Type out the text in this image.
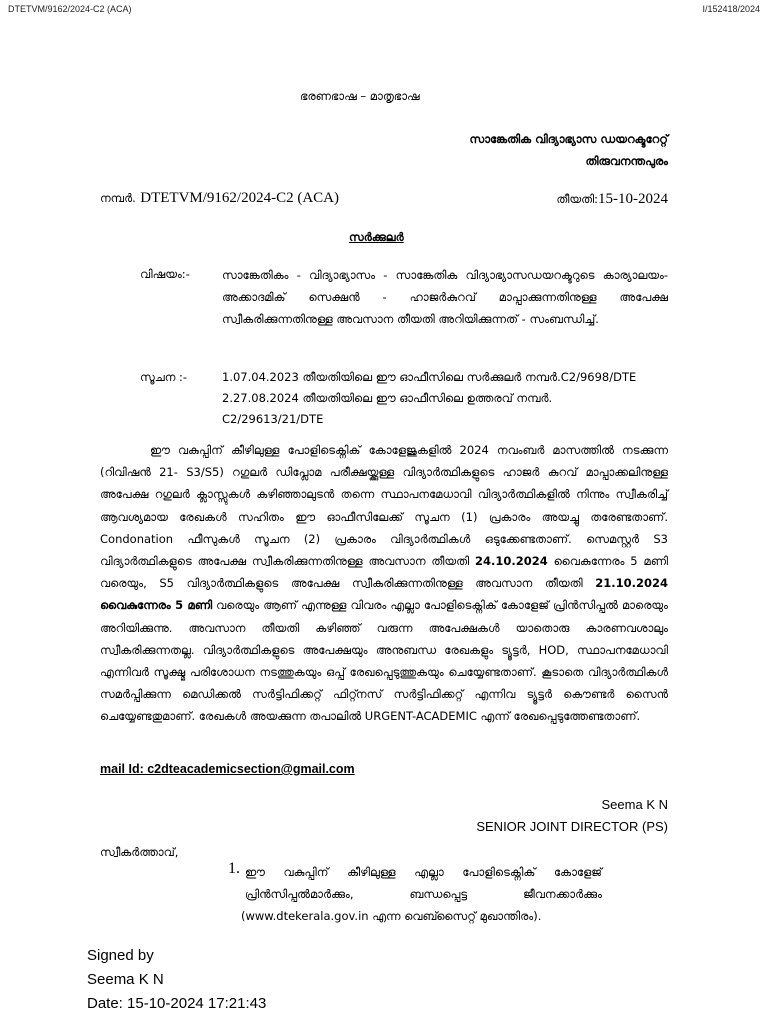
DTETVM/9162/2024-C2 (ACA)	I/152418/2024
ഭരണഭാഷ – മാതൃഭാഷ
സാങ്കേതിക വിദ്യാഭ്യാസ ഡയറക്ടറേറ്റ്
തിരുവനന്തപുരം
നമ്പർ. DTETVM/9162/2024-C2 (ACA)	തീയതി:15-10-2024
സർക്കുലർ
വിഷയം:-	സാങ്കേതികം - വിദ്യാഭ്യാസം - സാങ്കേതിക വിദ്യാഭ്യാസഡയറക്ടറുടെ കാര്യാലയം- അക്കാദമിക് സെക്ഷൻ - ഹാജർകുറവ് മാപ്പാക്കുന്നതിനുള്ള അപേക്ഷ സ്വീകരിക്കുന്നതിനുള്ള അവസാന തീയതി അറിയിക്കുന്നത് - സംബന്ധിച്ച്.
സൂചന :-	1.07.04.2023 തീയതിയിലെ ഈ ഓഫീസിലെ സർക്കുലർ നമ്പർ.C2/9698/DTE

2.27.08.2024 തീയതിയിലെ ഈ ഓഫീസിലെ ഉത്തരവ് നമ്പർ.

C2/29613/21/DTE

ഈ വകുപ്പിന് കീഴിലുള്ള പോളിടെക്നിക് കോളേജുകളിൽ 2024 നവംബർ മാസത്തിൽ നടക്കുന്ന (റിവിഷൻ 21- S3/S5) റഗുലർ ഡിപ്ലോമ പരീക്ഷയ്ക്കുള്ള വിദ്യാർത്ഥികളുടെ ഹാജർ കുറവ് മാപ്പാക്കലിനുള്ള അപേക്ഷ റഗുലർ ക്ലാസ്സുകൾ കഴിഞ്ഞാലുടൻ തന്നെ സ്ഥാപനമേധാവി വിദ്യാർത്ഥികളിൽ നിന്നും സ്വീകരിച്ച് ആവശ്യമായ രേഖകൾ സഹിതം ഈ ഓഫീസിലേക്ക് സൂചന (1) പ്രകാരം അയച്ചു തരേണ്ടതാണ്. Condonation ഫീസുകൾ സൂചന (2) പ്രകാരം വിദ്യാർത്ഥികൾ ഒടുക്കേണ്ടതാണ്. സെമസ്റ്റർ S3 വിദ്യാർത്ഥികളുടെ അപേക്ഷ സ്വീകരിക്കുന്നതിനുള്ള അവസാന തീയതി 24.10.2024 വൈകുന്നേരം 5 മണി വരെയും, S5 വിദ്യാർത്ഥികളുടെ അപേക്ഷ സ്വീകരിക്കുന്നതിനുള്ള അവസാന തീയതി 21.10.2024 വൈകുന്നേരം 5 മണി വരെയും ആണ് എന്നുള്ള വിവരം എല്ലാ പോളിടെക്നിക് കോളേജ് പ്രിൻസിപ്പൽ മാരെയും അറിയിക്കുന്നു. അവസാന തീയതി കഴിഞ്ഞ് വരുന്ന അപേക്ഷകൾ യാതൊരു കാരണവശാലും സ്വീകരിക്കുന്നതല്ല. വിദ്യാർത്ഥികളുടെ അപേക്ഷയും അനുബന്ധ രേഖകളും ട്യൂട്ടർ, HOD, സ്ഥാപനമേധാവി എന്നിവർ സൂക്ഷ്മ പരിശോധന നടത്തുകയും ഒപ്പ് രേഖപ്പെടുത്തുകയും ചെയ്യേണ്ടതാണ്. കൂടാതെ വിദ്യാർത്ഥികൾ സമർപ്പിക്കുന്ന മെഡിക്കൽ സർട്ടിഫിക്കറ്റ് ഫിറ്റ്നസ് സർട്ടിഫിക്കറ്റ് എന്നിവ ട്യൂട്ടർ കൌണ്ടർ സൈൻ ചെയ്യേണ്ടതുമാണ്. രേഖകൾ അയക്കുന്ന തപാലിൽ URGENT-ACADEMIC എന്ന് രേഖപ്പെടുത്തേണ്ടതാണ്.
mail Id: c2dteacademicsection@gmail.com
Seema K N
SENIOR JOINT DIRECTOR (PS)
സ്വീകർത്താവ്,
1. ഈ വകുപ്പിന് കീഴിലുള്ള എല്ലാ പോളിടെക്നിക് കോളേജ്
പ്രിൻസിപ്പൽമാർക്കും, ബന്ധപ്പെട്ട ജീവനക്കാർക്കും
(www.dtekerala.gov.in എന്ന വെബ്സൈറ്റ് മുഖാന്തിരം).

Signed by

Seema K N

Date: 15-10-2024 17:21:43
